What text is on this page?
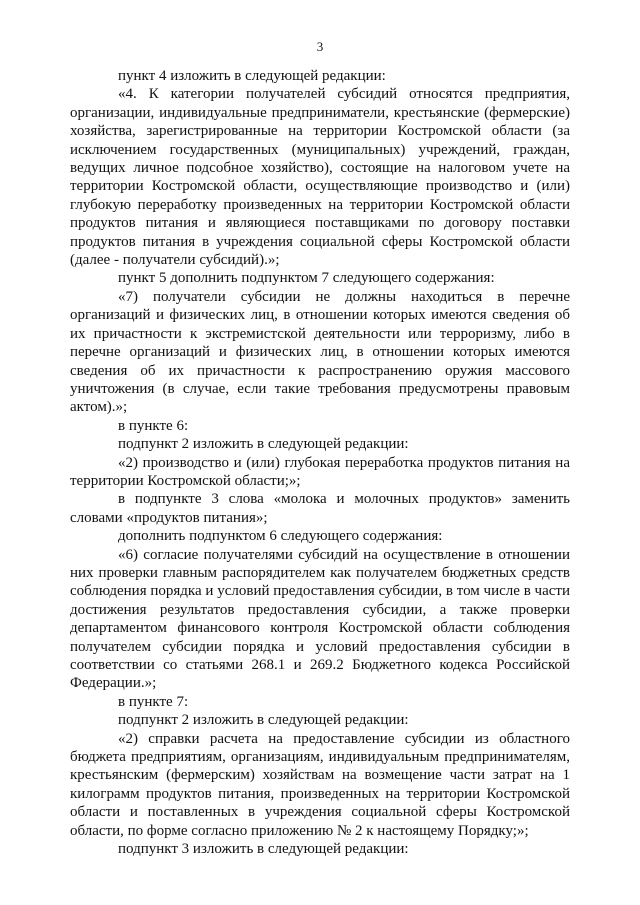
3

пункт 4 изложить в следующей редакции:

«4. К категории получателей субсидий относятся предприятия, организации, индивидуальные предприниматели, крестьянские (фермерские) хозяйства, зарегистрированные на территории Костромской области (за исключением государственных (муниципальных) учреждений, граждан, ведущих личное подсобное хозяйство), состоящие на налоговом учете на территории Костромской области, осуществляющие производство и (или) глубокую переработку произведенных на территории Костромской области продуктов питания и являющиеся поставщиками по договору поставки продуктов питания в учреждения социальной сферы Костромской области (далее - получатели субсидий).»;

пункт 5 дополнить подпунктом 7 следующего содержания:

«7) получатели субсидии не должны находиться в перечне организаций и физических лиц, в отношении которых имеются сведения об их причастности к экстремистской деятельности или терроризму, либо в перечне организаций и физических лиц, в отношении которых имеются сведения об их причастности к распространению оружия массового уничтожения (в случае, если такие требования предусмотрены правовым актом).»;

в пункте 6:

подпункт 2 изложить в следующей редакции:

«2) производство и (или) глубокая переработка продуктов питания на территории Костромской области;»;

в подпункте 3 слова «молока и молочных продуктов» заменить словами «продуктов питания»;

дополнить подпунктом 6 следующего содержания:

«6) согласие получателями субсидий на осуществление в отношении них проверки главным распорядителем как получателем бюджетных средств соблюдения порядка и условий предоставления субсидии, в том числе в части достижения результатов предоставления субсидии, а также проверки департаментом финансового контроля Костромской области соблюдения получателем субсидии порядка и условий предоставления субсидии в соответствии со статьями 268.1 и 269.2 Бюджетного кодекса Российской Федерации.»;

в пункте 7:

подпункт 2 изложить в следующей редакции:

«2) справки расчета на предоставление субсидии из областного бюджета предприятиям, организациям, индивидуальным предпринимателям, крестьянским (фермерским) хозяйствам на возмещение части затрат на 1 килограмм продуктов питания, произведенных на территории Костромской области и поставленных в учреждения социальной сферы Костромской области, по форме согласно приложению № 2 к настоящему Порядку;»;

подпункт 3 изложить в следующей редакции:
